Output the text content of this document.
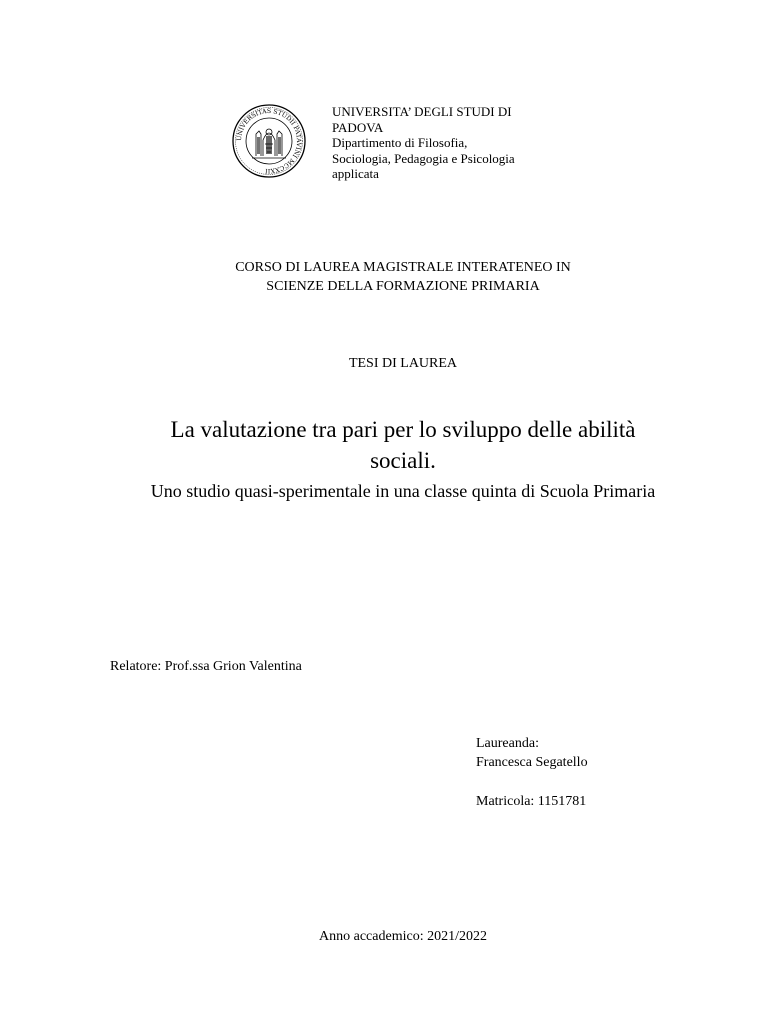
UNIVERSITAS STUDII PATAVINI MCCXXII
UNIVERSITA’ DEGLI STUDI DI
PADOVA
Dipartimento di Filosofia,
Sociologia, Pedagogia e Psicologia
applicata
CORSO DI LAUREA MAGISTRALE INTERATENEO IN
SCIENZE DELLA FORMAZIONE PRIMARIA
TESI DI LAUREA
La valutazione tra pari per lo sviluppo delle abilità
sociali.
Uno studio quasi-sperimentale in una classe quinta di Scuola Primaria
Relatore: Prof.ssa Grion Valentina
Laureanda:
Francesca Segatello
Matricola: 1151781
Anno accademico: 2021/2022
